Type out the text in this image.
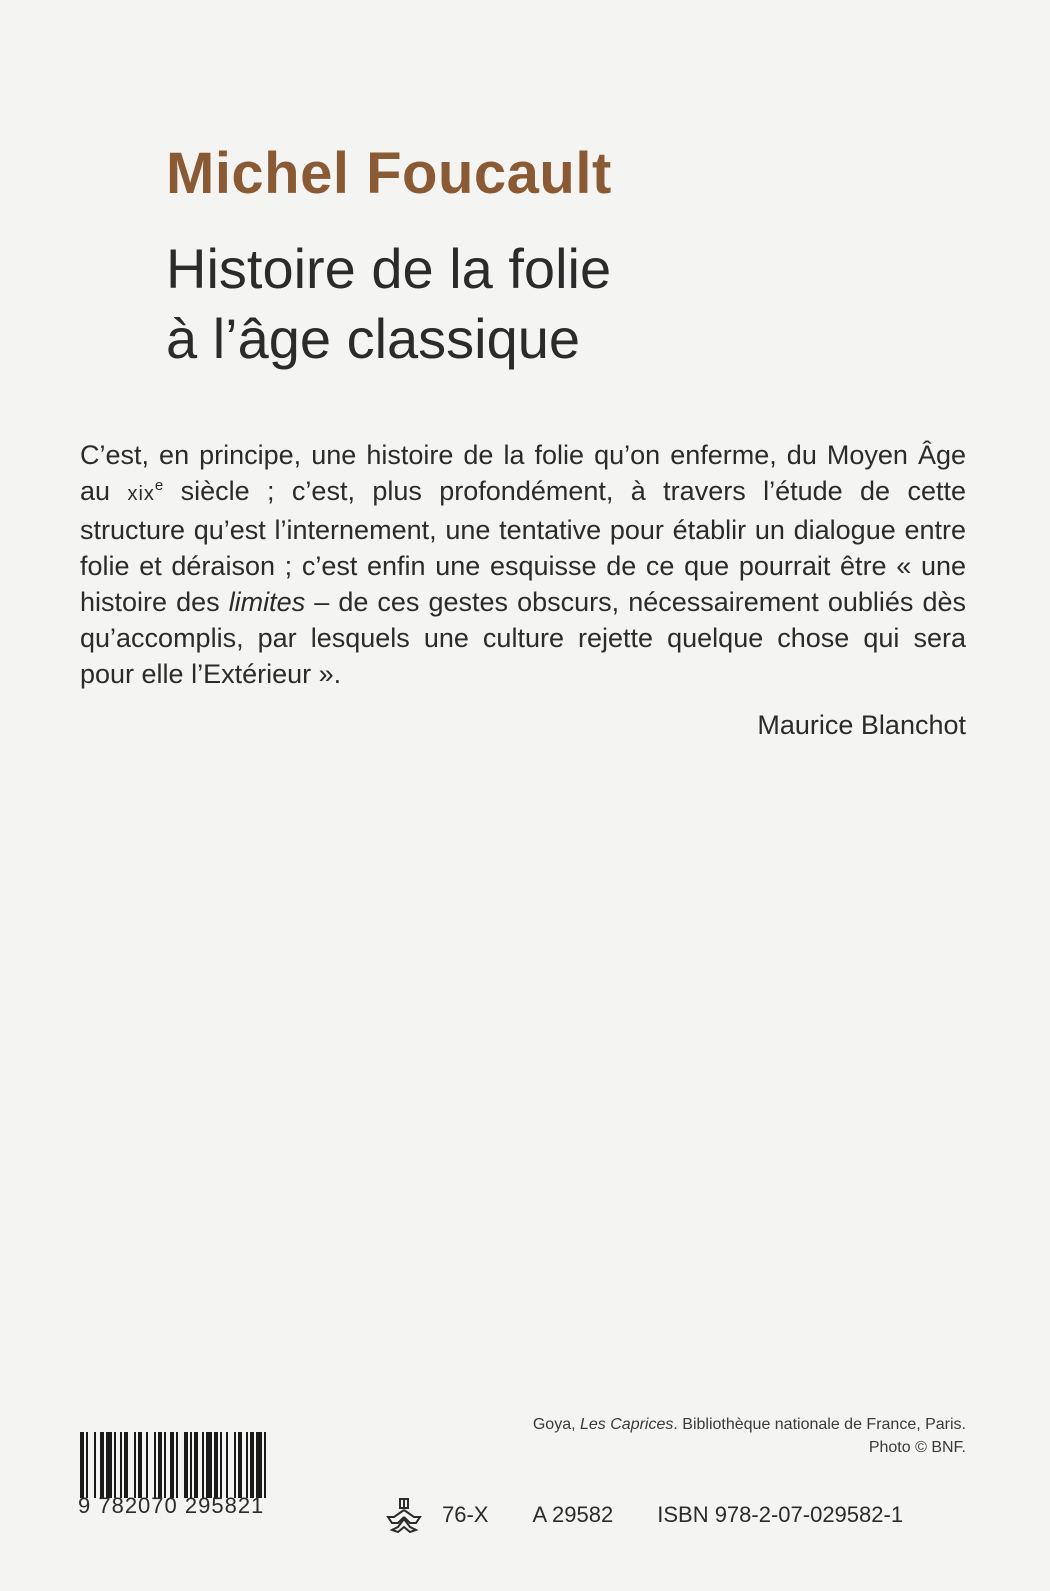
Michel Foucault
Histoire de la folie
à l’âge classique

C’est, en principe, une histoire de la folie qu’on enferme, du Moyen Âge au xix$^e$ siècle ; c’est, plus profondément, à travers l’étude de cette structure qu’est l’internement, une tentative pour établir un dialogue entre folie et déraison ; c’est enfin une esquisse de ce que pourrait être « une histoire des limites – de ces gestes obscurs, nécessairement oubliés dès qu’accomplis, par lesquels une culture rejette quelque chose qui sera pour elle l’Extérieur ».

Maurice Blanchot

Goya, Les Caprices. Bibliothèque nationale de France, Paris.
Photo © BNF.
9 782070 295821	76-X A 29582 ISBN 978-2-07-029582-1
